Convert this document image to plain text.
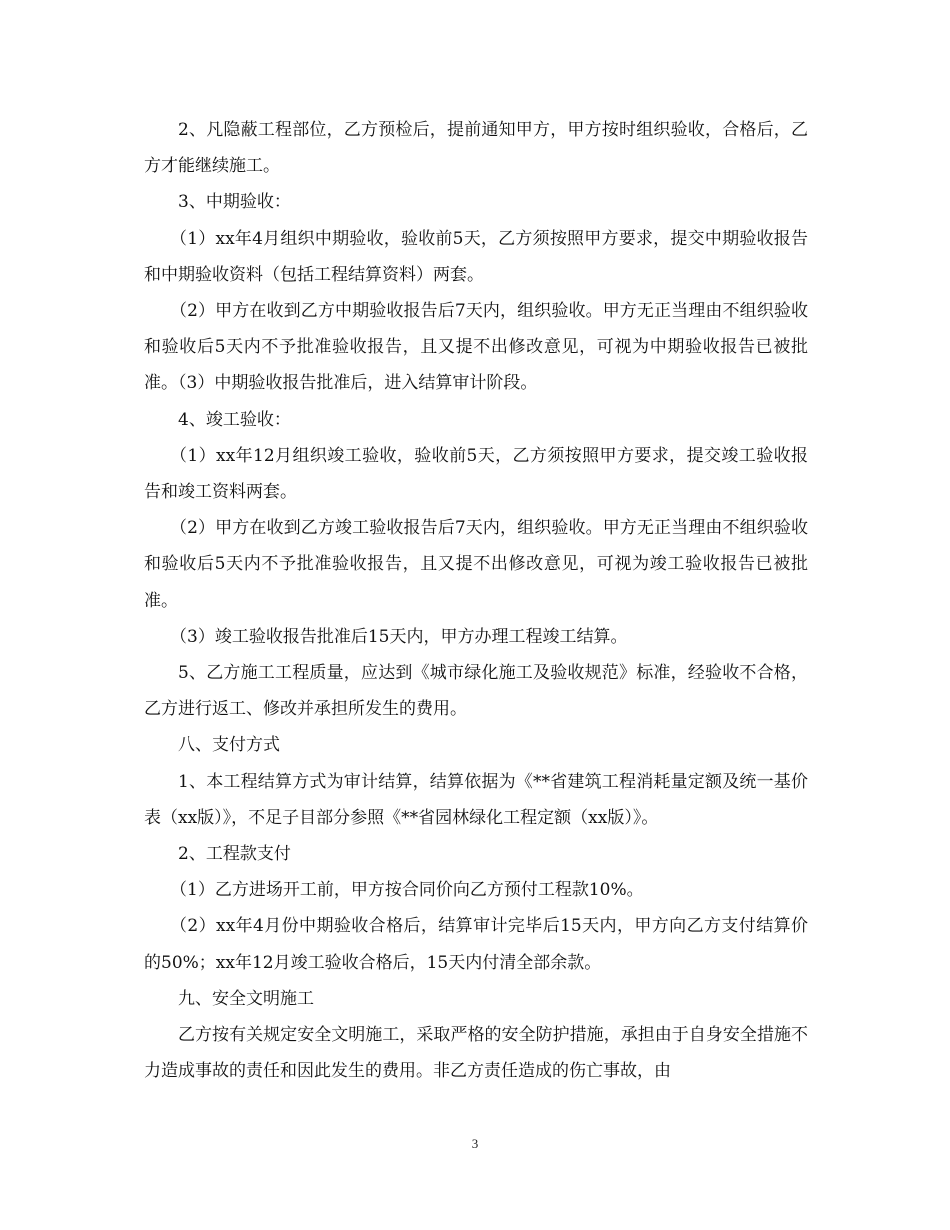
2、凡隐蔽工程部位，乙方预检后，提前通知甲方，甲方按时组织验收，合格后，乙方才能继续施工。

3、中期验收：

（1）xx年4月组织中期验收，验收前5天，乙方须按照甲方要求，提交中期验收报告和中期验收资料（包括工程结算资料）两套。

（2）甲方在收到乙方中期验收报告后7天内，组织验收。甲方无正当理由不组织验收和验收后5天内不予批准验收报告，且又提不出修改意见，可视为中期验收报告已被批准。（3）中期验收报告批准后，进入结算审计阶段。

4、竣工验收：

（1）xx年12月组织竣工验收，验收前5天，乙方须按照甲方要求，提交竣工验收报告和竣工资料两套。

（2）甲方在收到乙方竣工验收报告后7天内，组织验收。甲方无正当理由不组织验收和验收后5天内不予批准验收报告，且又提不出修改意见，可视为竣工验收报告已被批准。

（3）竣工验收报告批准后15天内，甲方办理工程竣工结算。

5、乙方施工工程质量，应达到《城市绿化施工及验收规范》标准，经验收不合格，乙方进行返工、修改并承担所发生的费用。

八、支付方式

1、本工程结算方式为审计结算，结算依据为《**省建筑工程消耗量定额及统一基价表（xx版）》，不足子目部分参照《**省园林绿化工程定额（xx版）》。

2、工程款支付

（1）乙方进场开工前，甲方按合同价向乙方预付工程款10%。

（2）xx年4月份中期验收合格后，结算审计完毕后15天内，甲方向乙方支付结算价的50%；xx年12月竣工验收合格后，15天内付清全部余款。

九、安全文明施工

乙方按有关规定安全文明施工，采取严格的安全防护措施，承担由于自身安全措施不力造成事故的责任和因此发生的费用。非乙方责任造成的伤亡事故，由

3
